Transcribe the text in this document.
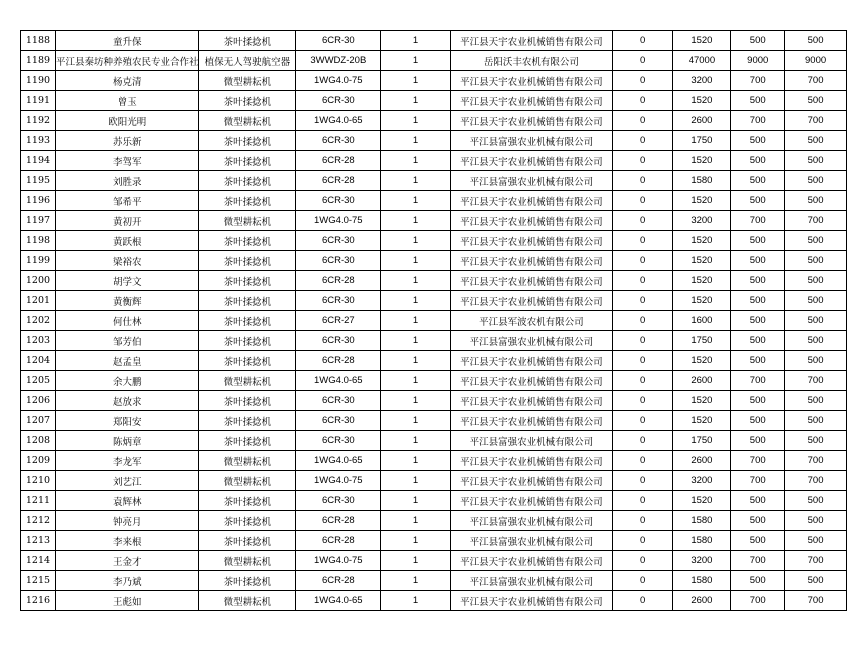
1188	童升保	茶叶揉捻机	6CR-30	1	平江县天宇农业机械销售有限公司	0	1520	500	500
1189	平江县秦坊种养殖农民专业合作社	植保无人驾驶航空器	3WWDZ-20B	1	岳阳沃丰农机有限公司	0	47000	9000	9000
1190	杨克清	微型耕耘机	1WG4.0-75	1	平江县天宇农业机械销售有限公司	0	3200	700	700
1191	曾玉	茶叶揉捻机	6CR-30	1	平江县天宇农业机械销售有限公司	0	1520	500	500
1192	欧阳光明	微型耕耘机	1WG4.0-65	1	平江县天宇农业机械销售有限公司	0	2600	700	700
1193	苏乐新	茶叶揉捻机	6CR-30	1	平江县富强农业机械有限公司	0	1750	500	500
1194	李驾军	茶叶揉捻机	6CR-28	1	平江县天宇农业机械销售有限公司	0	1520	500	500
1195	刘胜录	茶叶揉捻机	6CR-28	1	平江县富强农业机械有限公司	0	1580	500	500
1196	邹希平	茶叶揉捻机	6CR-30	1	平江县天宇农业机械销售有限公司	0	1520	500	500
1197	黄初开	微型耕耘机	1WG4.0-75	1	平江县天宇农业机械销售有限公司	0	3200	700	700
1198	黄跃根	茶叶揉捻机	6CR-30	1	平江县天宇农业机械销售有限公司	0	1520	500	500
1199	梁裕农	茶叶揉捻机	6CR-30	1	平江县天宇农业机械销售有限公司	0	1520	500	500
1200	胡学文	茶叶揉捻机	6CR-28	1	平江县天宇农业机械销售有限公司	0	1520	500	500
1201	黄衡辉	茶叶揉捻机	6CR-30	1	平江县天宇农业机械销售有限公司	0	1520	500	500
1202	何仕林	茶叶揉捻机	6CR-27	1	平江县军波农机有限公司	0	1600	500	500
1203	邹芳伯	茶叶揉捻机	6CR-30	1	平江县富强农业机械有限公司	0	1750	500	500
1204	赵孟皇	茶叶揉捻机	6CR-28	1	平江县天宇农业机械销售有限公司	0	1520	500	500
1205	余大鹏	微型耕耘机	1WG4.0-65	1	平江县天宇农业机械销售有限公司	0	2600	700	700
1206	赵放求	茶叶揉捻机	6CR-30	1	平江县天宇农业机械销售有限公司	0	1520	500	500
1207	郑阳安	茶叶揉捻机	6CR-30	1	平江县天宇农业机械销售有限公司	0	1520	500	500
1208	陈炳章	茶叶揉捻机	6CR-30	1	平江县富强农业机械有限公司	0	1750	500	500
1209	李龙军	微型耕耘机	1WG4.0-65	1	平江县天宇农业机械销售有限公司	0	2600	700	700
1210	刘艺江	微型耕耘机	1WG4.0-75	1	平江县天宇农业机械销售有限公司	0	3200	700	700
1211	袁辉林	茶叶揉捻机	6CR-30	1	平江县天宇农业机械销售有限公司	0	1520	500	500
1212	钟亮月	茶叶揉捻机	6CR-28	1	平江县富强农业机械有限公司	0	1580	500	500
1213	李来根	茶叶揉捻机	6CR-28	1	平江县富强农业机械有限公司	0	1580	500	500
1214	王金才	微型耕耘机	1WG4.0-75	1	平江县天宇农业机械销售有限公司	0	3200	700	700
1215	李乃斌	茶叶揉捻机	6CR-28	1	平江县富强农业机械有限公司	0	1580	500	500
1216	王彪如	微型耕耘机	1WG4.0-65	1	平江县天宇农业机械销售有限公司	0	2600	700	700
